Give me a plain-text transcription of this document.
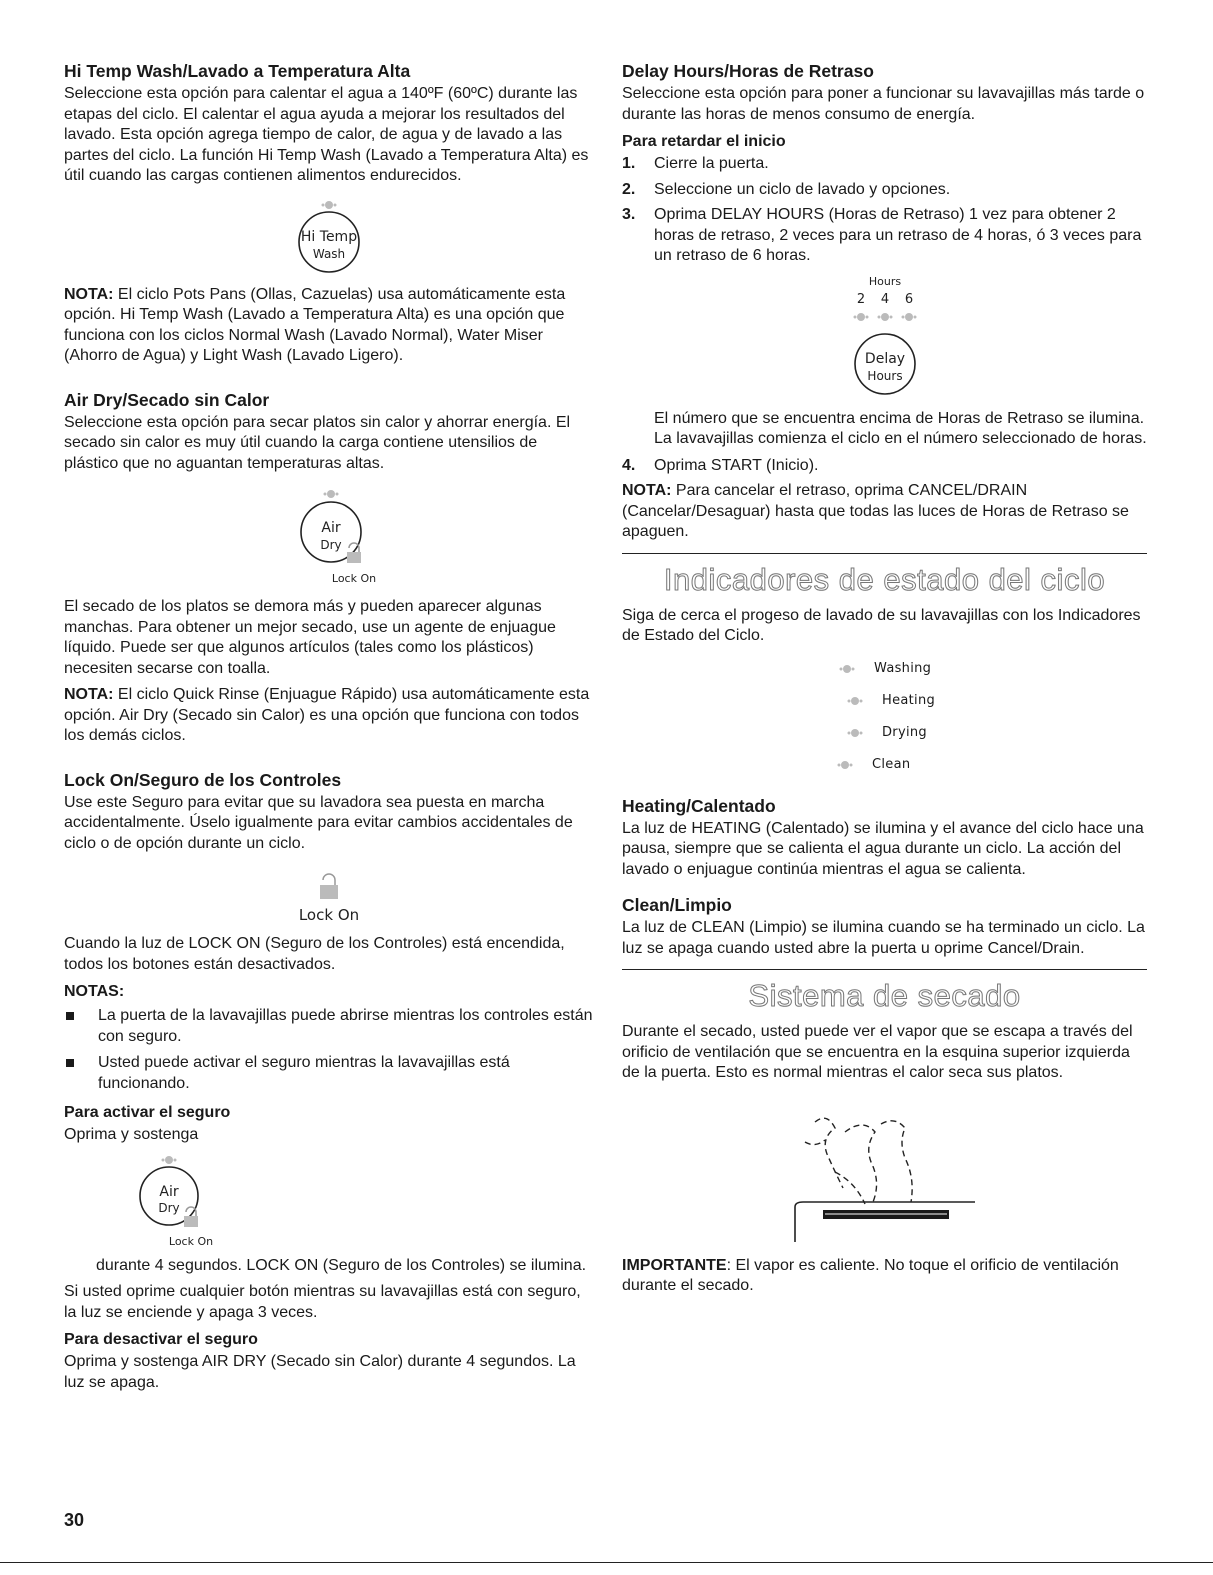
Hi Temp Wash/Lavado a Temperatura Alta

Seleccione esta opción para calentar el agua a 140ºF (60ºC) durante las etapas del ciclo. El calentar el agua ayuda a mejorar los resultados del lavado. Esta opción agrega tiempo de calor, de agua y de lavado a las partes del ciclo. La función Hi Temp Wash (Lavado a Temperatura Alta) es útil cuando las cargas contienen alimentos endurecidos.

Hi Temp
Wash

NOTA: El ciclo Pots Pans (Ollas, Cazuelas) usa automáticamente esta opción. Hi Temp Wash (Lavado a Temperatura Alta) es una opción que funciona con los ciclos Normal Wash (Lavado Normal), Water Miser (Ahorro de Agua) y Light Wash (Lavado Ligero).

Air Dry/Secado sin Calor

Seleccione esta opción para secar platos sin calor y ahorrar energía. El secado sin calor es muy útil cuando la carga contiene utensilios de plástico que no aguantan temperaturas altas.

Air
Dry
Lock On

El secado de los platos se demora más y pueden aparecer algunas manchas. Para obtener un mejor secado, use un agente de enjuague líquido. Puede ser que algunos artículos (tales como los plásticos) necesiten secarse con toalla.

NOTA: El ciclo Quick Rinse (Enjuague Rápido) usa automáticamente esta opción. Air Dry (Secado sin Calor) es una opción que funciona con todos los demás ciclos.

Lock On/Seguro de los Controles

Use este Seguro para evitar que su lavadora sea puesta en marcha accidentalmente. Úselo igualmente para evitar cambios accidentales de ciclo o de opción durante un ciclo.

Lock On

Cuando la luz de LOCK ON (Seguro de los Controles) está encendida, todos los botones están desactivados.

NOTAS:
La puerta de la lavavajillas puede abrirse mientras los controles están con seguro.
Usted puede activar el seguro mientras la lavavajillas está funcionando.
Para activar el seguro

Oprima y sostenga

Air
Dry
Lock On

durante 4 segundos. LOCK ON (Seguro de los Controles) se ilumina.

Si usted oprime cualquier botón mientras su lavavajillas está con seguro, la luz se enciende y apaga 3 veces.

Para desactivar el seguro

Oprima y sostenga AIR DRY (Secado sin Calor) durante 4 segundos. La luz se apaga.

Delay Hours/Horas de Retraso

Seleccione esta opción para poner a funcionar su lavavajillas más tarde o durante las horas de menos consumo de energía.

Para retardar el inicio
1. Cierre la puerta.
2. Seleccione un ciclo de lavado y opciones.
3. Oprima DELAY HOURS (Horas de Retraso) 1 vez para obtener 2 horas de retraso, 2 veces para un retraso de 4 horas, ó 3 veces para un retraso de 6 horas.
Hours
2 4 6
Delay
Hours

El número que se encuentra encima de Horas de Retraso se ilumina. La lavavajillas comienza el ciclo en el número seleccionado de horas.

4. Oprima START (Inicio).

NOTA: Para cancelar el retraso, oprima CANCEL/DRAIN (Cancelar/Desaguar) hasta que todas las luces de Horas de Retraso se apaguen.

Indicadores de estado del ciclo

Siga de cerca el progeso de lavado de su lavavajillas con los Indicadores de Estado del Ciclo.

Washing
Heating
Drying
Clean
Heating/Calentado

La luz de HEATING (Calentado) se ilumina y el avance del ciclo hace una pausa, siempre que se calienta el agua durante un ciclo. La acción del lavado o enjuague continúa mientras el agua se calienta.

Clean/Limpio

La luz de CLEAN (Limpio) se ilumina cuando se ha terminado un ciclo. La luz se apaga cuando usted abre la puerta u oprime Cancel/Drain.

Sistema de secado

Durante el secado, usted puede ver el vapor que se escapa a través del orificio de ventilación que se encuentra en la esquina superior izquierda de la puerta. Esto es normal mientras el calor seca sus platos.

IMPORTANTE: El vapor es caliente. No toque el orificio de ventilación durante el secado.

30
